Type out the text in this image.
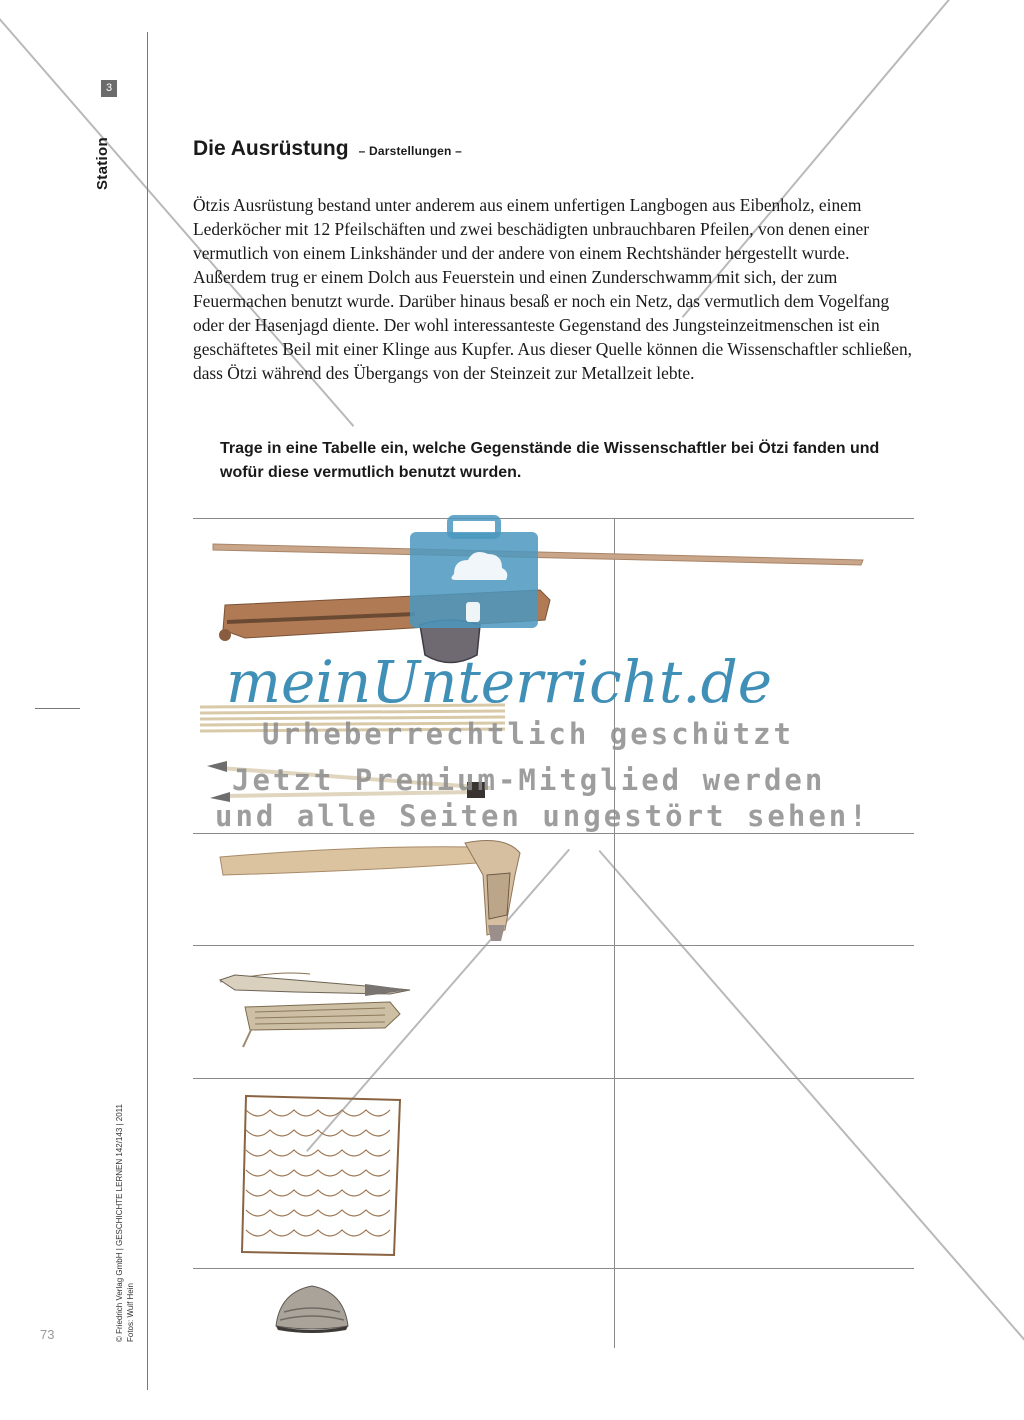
3
Station
© Friedrich Verlag GmbH | GESCHICHTE LERNEN 142/143 | 2011 Fotos: Wulf Hein
73
Die Ausrüstung – Darstellungen –

Ötzis Ausrüstung bestand unter anderem aus einem unfertigen Langbogen aus Eibenholz, einem Lederköcher mit 12 Pfeilschäften und zwei beschädigten unbrauchbaren Pfeilen, von denen einer vermutlich von einem Linkshänder und der andere von einem Rechtshänder hergestellt wurde. Außerdem trug er einem Dolch aus Feuerstein und einen Zunderschwamm mit sich, der zum Feuermachen benutzt wurde. Darüber hinaus besaß er noch ein Netz, das vermutlich dem Vogelfang oder der Hasenjagd diente. Der wohl interessanteste Gegenstand des Jungsteinzeitmenschen ist ein geschäftetes Beil mit einer Klinge aus Kupfer. Aus dieser Quelle können die Wissenschaftler schließen, dass Ötzi während des Übergangs von der Steinzeit zur Metallzeit lebte.

Trage in eine Tabelle ein, welche Gegenstände die Wissenschaftler bei Ötzi fanden und wofür diese vermutlich benutzt wurden.

meinUnterricht.de
Urheberrechtlich geschützt
Jetzt Premium-Mitglied werden
und alle Seiten ungestört sehen!
